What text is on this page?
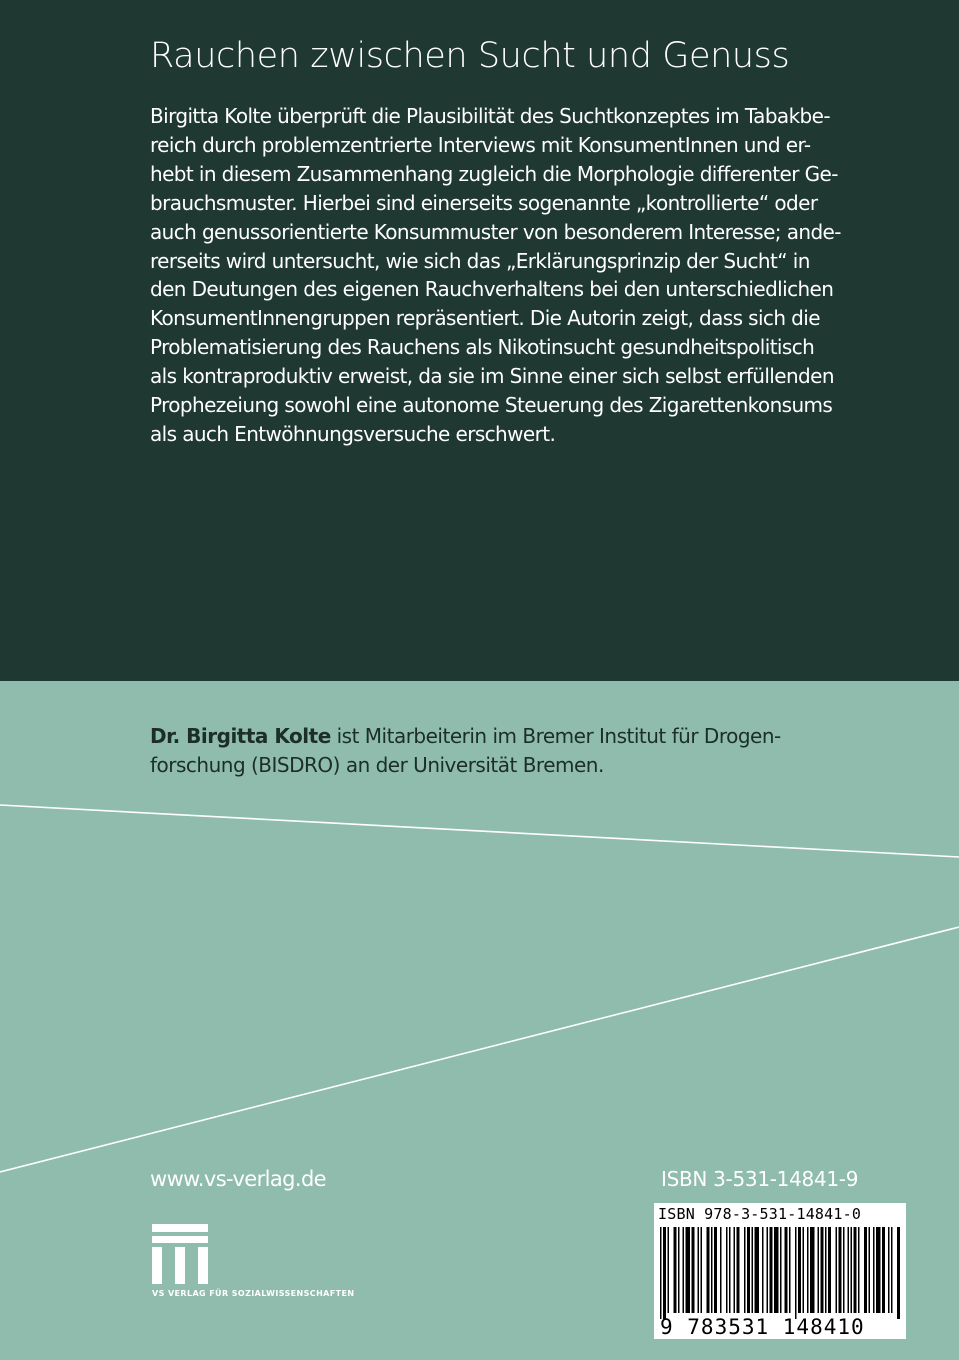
Rauchen zwischen Sucht und Genuss
Birgitta Kolte überprüft die Plausibilität des Suchtkonzeptes im Tabakbe-
reich durch problemzentrierte Interviews mit KonsumentInnen und er-
hebt in diesem Zusammenhang zugleich die Morphologie differenter Ge-
brauchsmuster. Hierbei sind einerseits sogenannte „kontrollierte“ oder
auch genussorientierte Konsummuster von besonderem Interesse; ande-
rerseits wird untersucht, wie sich das „Erklärungsprinzip der Sucht“ in
den Deutungen des eigenen Rauchverhaltens bei den unterschiedlichen
KonsumentInnengruppen repräsentiert. Die Autorin zeigt, dass sich die
Problematisierung des Rauchens als Nikotinsucht gesundheitspolitisch
als kontraproduktiv erweist, da sie im Sinne einer sich selbst erfüllenden
Prophezeiung sowohl eine autonome Steuerung des Zigarettenkonsums
als auch Entwöhnungsversuche erschwert.
Dr. Birgitta Kolte ist Mitarbeiterin im Bremer Institut für Drogen-
forschung (BISDRO) an der Universität Bremen.
www.vs-verlag.de	ISBN 3-531-14841-9
VS VERLAG FÜR SOZIALWISSENSCHAFTEN
ISBN 978-3-531-14841-0
9 783531 148410
